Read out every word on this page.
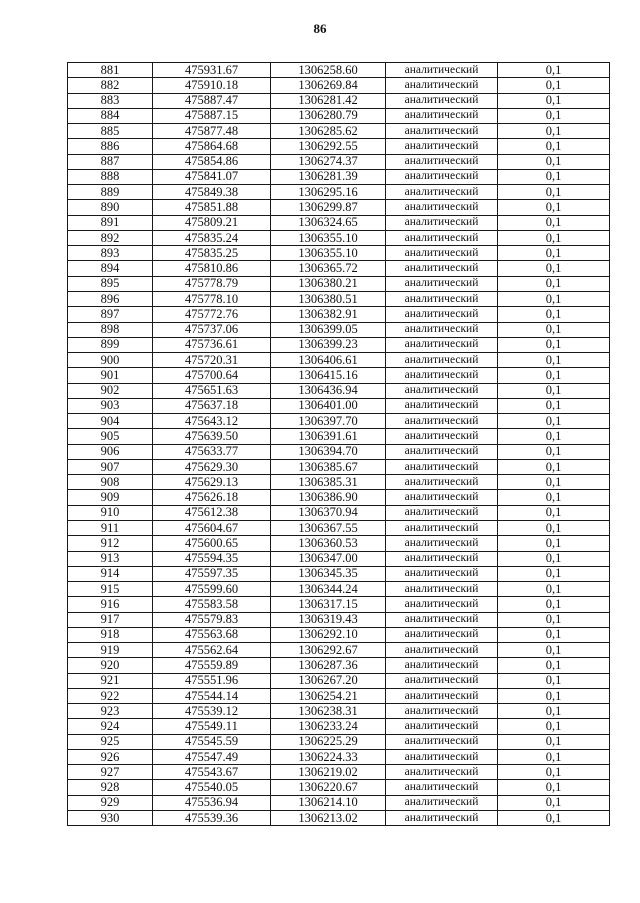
86
881	475931.67	1306258.60	аналитический	0,1
882	475910.18	1306269.84	аналитический	0,1
883	475887.47	1306281.42	аналитический	0,1
884	475887.15	1306280.79	аналитический	0,1
885	475877.48	1306285.62	аналитический	0,1
886	475864.68	1306292.55	аналитический	0,1
887	475854.86	1306274.37	аналитический	0,1
888	475841.07	1306281.39	аналитический	0,1
889	475849.38	1306295.16	аналитический	0,1
890	475851.88	1306299.87	аналитический	0,1
891	475809.21	1306324.65	аналитический	0,1
892	475835.24	1306355.10	аналитический	0,1
893	475835.25	1306355.10	аналитический	0,1
894	475810.86	1306365.72	аналитический	0,1
895	475778.79	1306380.21	аналитический	0,1
896	475778.10	1306380.51	аналитический	0,1
897	475772.76	1306382.91	аналитический	0,1
898	475737.06	1306399.05	аналитический	0,1
899	475736.61	1306399.23	аналитический	0,1
900	475720.31	1306406.61	аналитический	0,1
901	475700.64	1306415.16	аналитический	0,1
902	475651.63	1306436.94	аналитический	0,1
903	475637.18	1306401.00	аналитический	0,1
904	475643.12	1306397.70	аналитический	0,1
905	475639.50	1306391.61	аналитический	0,1
906	475633.77	1306394.70	аналитический	0,1
907	475629.30	1306385.67	аналитический	0,1
908	475629.13	1306385.31	аналитический	0,1
909	475626.18	1306386.90	аналитический	0,1
910	475612.38	1306370.94	аналитический	0,1
911	475604.67	1306367.55	аналитический	0,1
912	475600.65	1306360.53	аналитический	0,1
913	475594.35	1306347.00	аналитический	0,1
914	475597.35	1306345.35	аналитический	0,1
915	475599.60	1306344.24	аналитический	0,1
916	475583.58	1306317.15	аналитический	0,1
917	475579.83	1306319.43	аналитический	0,1
918	475563.68	1306292.10	аналитический	0,1
919	475562.64	1306292.67	аналитический	0,1
920	475559.89	1306287.36	аналитический	0,1
921	475551.96	1306267.20	аналитический	0,1
922	475544.14	1306254.21	аналитический	0,1
923	475539.12	1306238.31	аналитический	0,1
924	475549.11	1306233.24	аналитический	0,1
925	475545.59	1306225.29	аналитический	0,1
926	475547.49	1306224.33	аналитический	0,1
927	475543.67	1306219.02	аналитический	0,1
928	475540.05	1306220.67	аналитический	0,1
929	475536.94	1306214.10	аналитический	0,1
930	475539.36	1306213.02	аналитический	0,1
